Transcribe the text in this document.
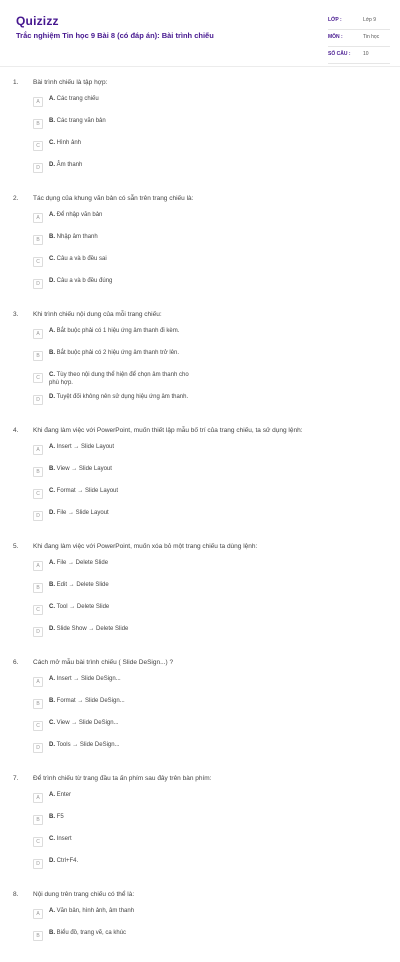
Quizizz
Trắc nghiệm Tin học 9 Bài 8 (có đáp án): Bài trình chiếu
LỚP :	Lớp 9
MÔN :	Tin học
SỐ CÂU :	10
1. Bài trình chiếu là tập hợp:
A	A. Các trang chiếu
B	B. Các trang văn bản
C	C. Hình ảnh
D	D. Âm thanh
2. Tác dụng của khung văn bản có sẵn trên trang chiếu là:
A	A. Để nhập văn bản
B	B. Nhập âm thanh
C	C. Câu a và b đều sai
D	D. Câu a và b đều đúng
3. Khi trình chiếu nội dung của mỗi trang chiếu:
A	A. Bắt buộc phải có 1 hiệu ứng âm thanh đi kèm.
B	B. Bắt buộc phải có 2 hiệu ứng âm thanh trở lên.
C	C. Tùy theo nội dung thể hiện để chọn âm thanh cho phù hợp.
D	D. Tuyệt đối không nên sử dụng hiệu ứng âm thanh.
4. Khi đang làm việc với PowerPoint, muốn thiết lập mẫu bố trí của trang chiếu, ta sử dụng lệnh:
A	A. Insert → Slide Layout
B	B. View → Slide Layout
C	C. Format → Slide Layout
D	D. File → Slide Layout
5. Khi đang làm việc với PowerPoint, muốn xóa bỏ một trang chiếu ta dùng lệnh:
A	A. File → Delete Slide
B	B. Edit → Delete Slide
C	C. Tool → Delete Slide
D	D. Slide Show → Delete Slide
6. Cách mở mẫu bài trình chiếu ( Slide DeSign...) ?
A	A. Insert → Slide DeSign...
B	B. Format → Slide DeSign...
C	C. View → Slide DeSign...
D	D. Tools → Slide DeSign...
7. Để trình chiếu từ trang đầu ta ấn phím sau đây trên bàn phím:
A	A. Enter
B	B. F5
C	C. Insert
D	D. Ctrl+F4.
8. Nội dung trên trang chiếu có thể là:
A	A. Văn bản, hình ảnh, âm thanh
B	B. Biểu đồ, trang vẽ, ca khúc
